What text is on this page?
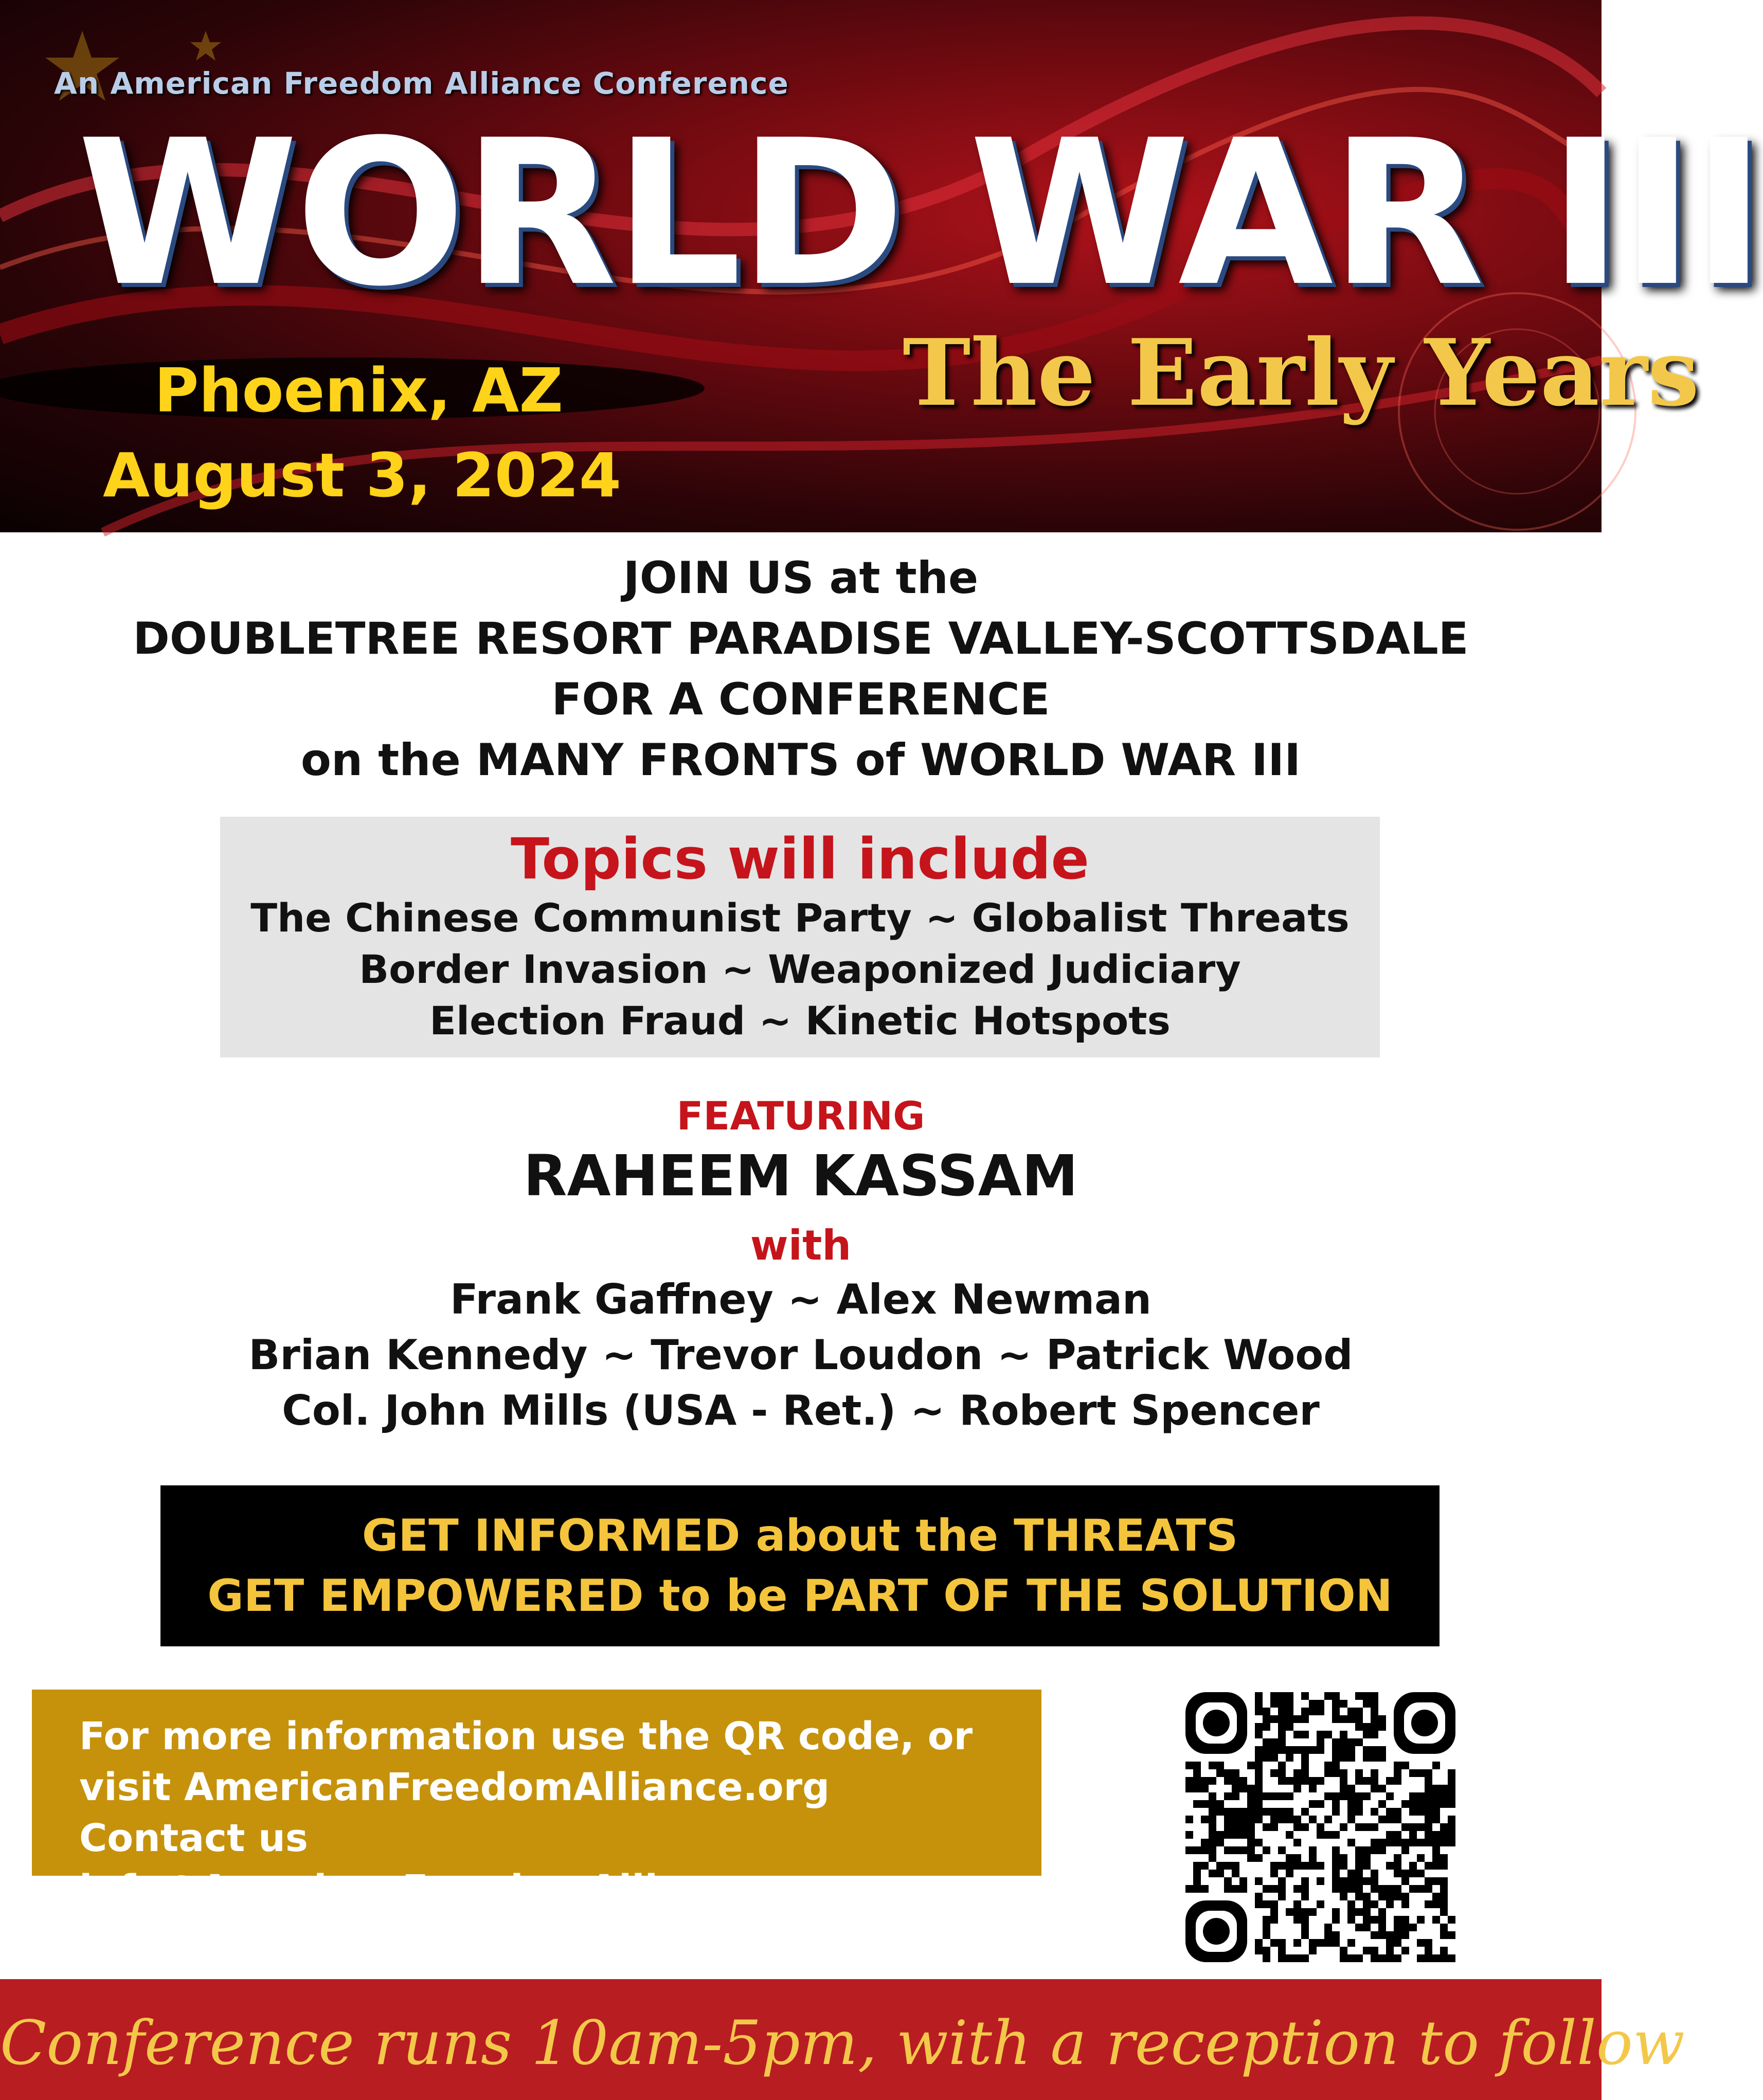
An American Freedom Alliance Conference
WORLD WAR III
The Early Years
Phoenix, AZ
August 3, 2024
JOIN US at the
DOUBLETREE RESORT PARADISE VALLEY-SCOTTSDALE
FOR A CONFERENCE
on the MANY FRONTS of WORLD WAR III
Topics will include
The Chinese Communist Party ~ Globalist Threats
Border Invasion ~ Weaponized Judiciary
Election Fraud ~ Kinetic Hotspots
FEATURING
RAHEEM KASSAM
with
Frank Gaffney ~ Alex Newman
Brian Kennedy ~ Trevor Loudon ~ Patrick Wood
Col. John Mills (USA - Ret.) ~ Robert Spencer
GET INFORMED about the THREATS
GET EMPOWERED to be PART OF THE SOLUTION
For more information use the QR code, or
visit AmericanFreedomAlliance.org
Contact us
info@AmericanFreedomAlliance.org
Conference runs 10am-5pm, with a reception to follow
